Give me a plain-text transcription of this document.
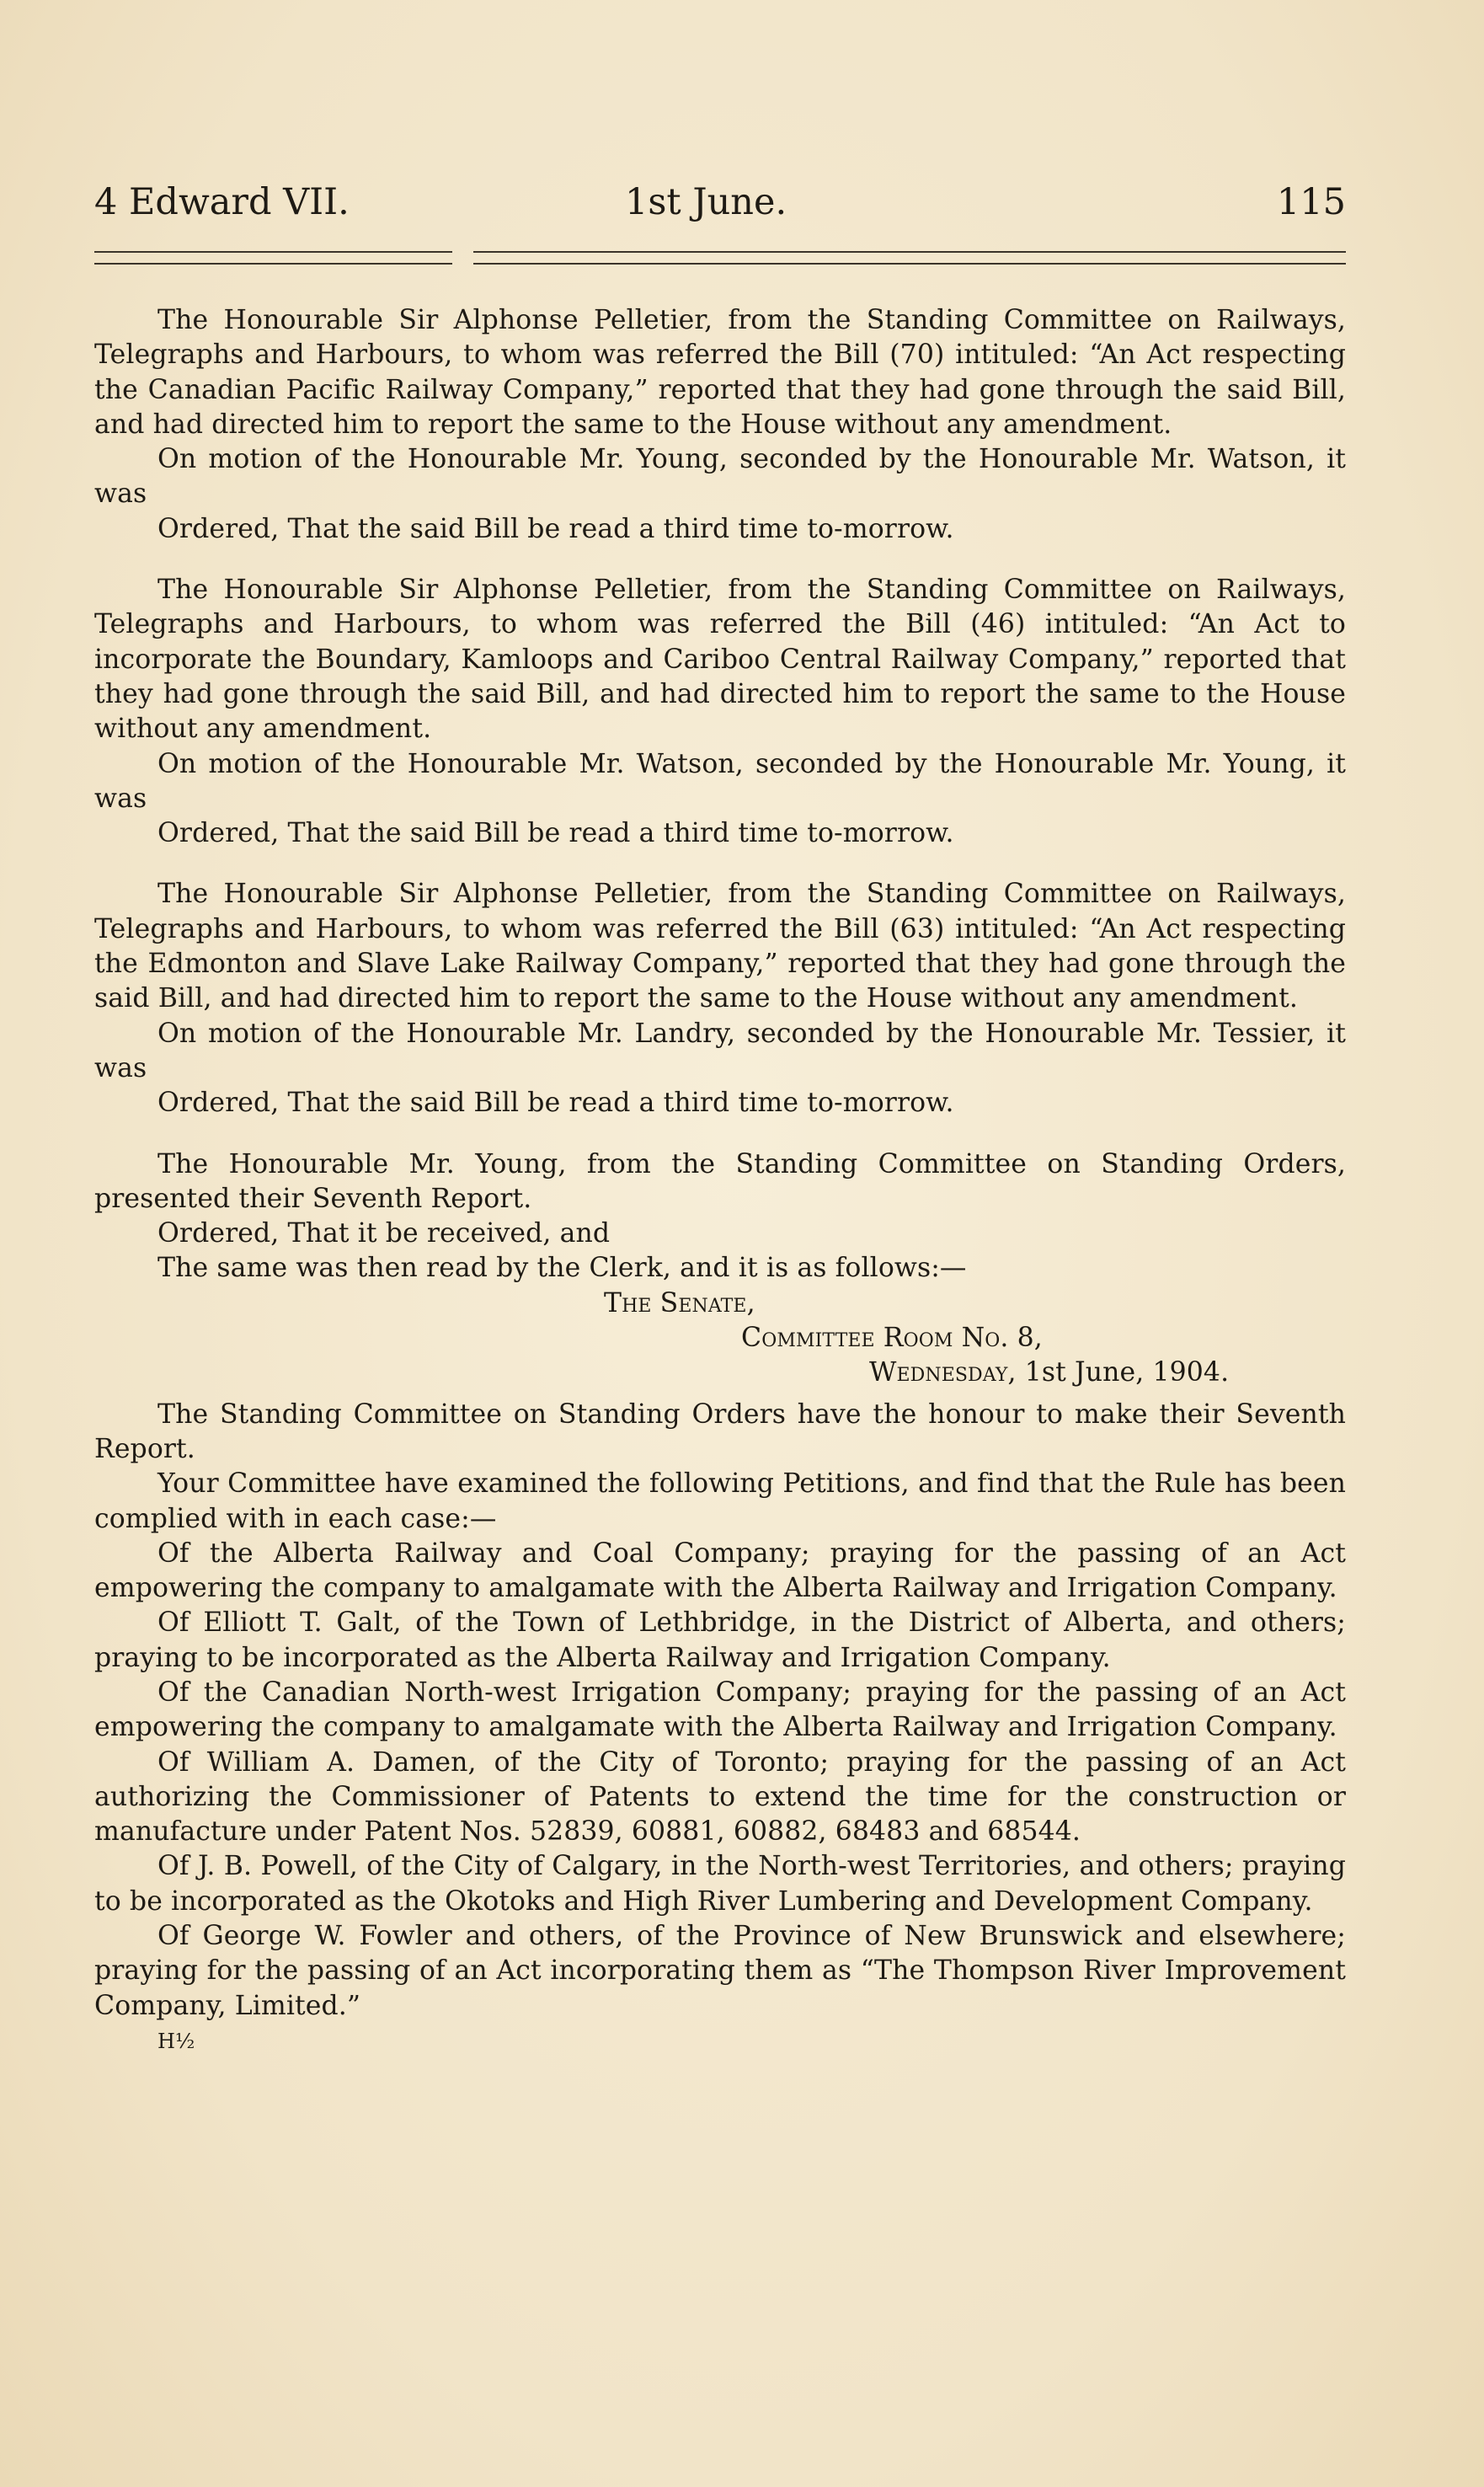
4 Edward VII.	1st June.	115

The Honourable Sir Alphonse Pelletier, from the Standing Committee on Railways, Telegraphs and Harbours, to whom was referred the Bill (70) intituled: “An Act respecting the Canadian Pacific Railway Company,” reported that they had gone through the said Bill, and had directed him to report the same to the House without any amendment.

On motion of the Honourable Mr. Young, seconded by the Honourable Mr. Watson, it was

Ordered, That the said Bill be read a third time to-morrow.

The Honourable Sir Alphonse Pelletier, from the Standing Committee on Railways, Telegraphs and Harbours, to whom was referred the Bill (46) intituled: “An Act to incorporate the Boundary, Kamloops and Cariboo Central Railway Company,” reported that they had gone through the said Bill, and had directed him to report the same to the House without any amendment.

On motion of the Honourable Mr. Watson, seconded by the Honourable Mr. Young, it was

Ordered, That the said Bill be read a third time to-morrow.

The Honourable Sir Alphonse Pelletier, from the Standing Committee on Railways, Telegraphs and Harbours, to whom was referred the Bill (63) intituled: “An Act respecting the Edmonton and Slave Lake Railway Company,” reported that they had gone through the said Bill, and had directed him to report the same to the House without any amendment.

On motion of the Honourable Mr. Landry, seconded by the Honourable Mr. Tessier, it was

Ordered, That the said Bill be read a third time to-morrow.

The Honourable Mr. Young, from the Standing Committee on Standing Orders, presented their Seventh Report.

Ordered, That it be received, and

The same was then read by the Clerk, and it is as follows:—

The Senate,
Committee Room No. 8,
Wednesday, 1st June, 1904.

The Standing Committee on Standing Orders have the honour to make their Seventh Report.

Your Committee have examined the following Petitions, and find that the Rule has been complied with in each case:—

Of the Alberta Railway and Coal Company; praying for the passing of an Act empowering the company to amalgamate with the Alberta Railway and Irrigation Company.

Of Elliott T. Galt, of the Town of Lethbridge, in the District of Alberta, and others; praying to be incorporated as the Alberta Railway and Irrigation Company.

Of the Canadian North-west Irrigation Company; praying for the passing of an Act empowering the company to amalgamate with the Alberta Railway and Irrigation Company.

Of William A. Damen, of the City of Toronto; praying for the passing of an Act authorizing the Commissioner of Patents to extend the time for the construction or manufacture under Patent Nos. 52839, 60881, 60882, 68483 and 68544.

Of J. B. Powell, of the City of Calgary, in the North-west Territories, and others; praying to be incorporated as the Okotoks and High River Lumbering and Development Company.

Of George W. Fowler and others, of the Province of New Brunswick and elsewhere; praying for the passing of an Act incorporating them as “The Thompson River Improvement Company, Limited.”

H½
